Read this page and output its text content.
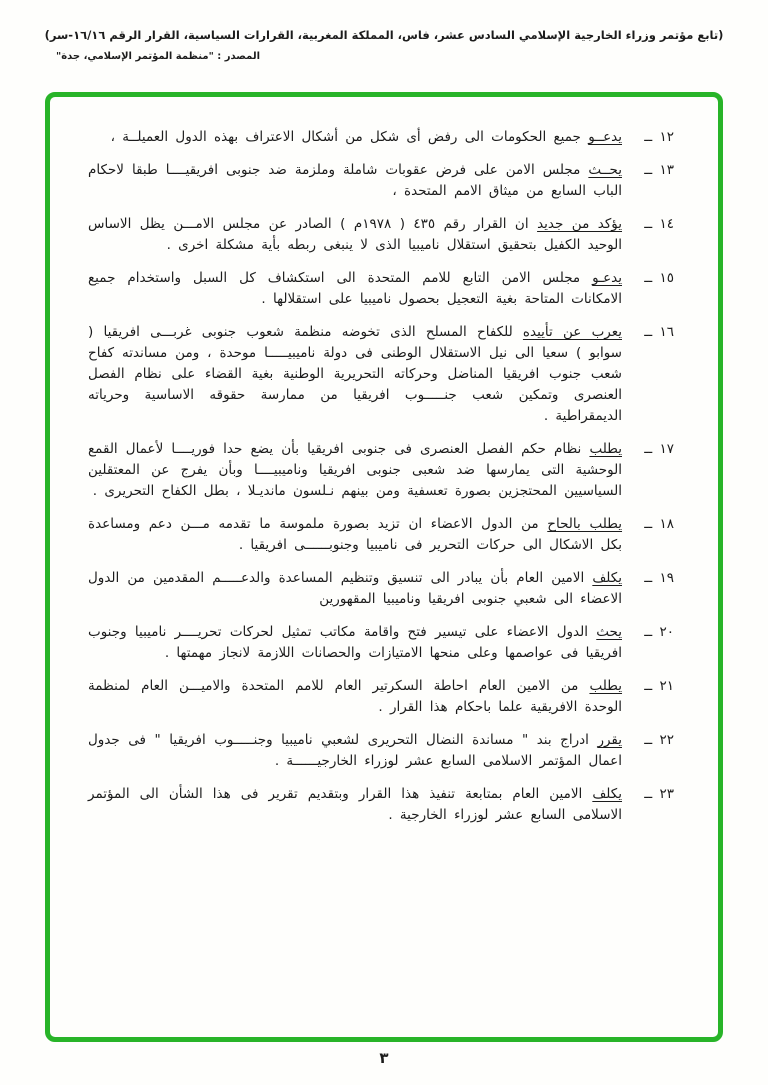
(تابع مؤتمر وزراء الخارجية الإسلامي السادس عشر، فاس، المملكة المغربية، القرارات السياسية، القرار الرقم ١٦/١٦-سر)
المصدر : "منظمة المؤتمر الإسلامي، جدة"
١٢ ــ
يدعــو جميع الحكومات الى رفض أى شكل من أشكال الاعتراف بهذه الدول العميلــة ،
١٣ ــ
يحــث مجلس الامن على فرض عقوبات شاملة وملزمة ضد جنوبى افريقيــــا طبقا لاحكام الباب السابع من ميثاق الامم المتحدة ،
١٤ ــ
يؤكد من جديد ان القرار رقم ٤٣٥ ( ١٩٧٨م ) الصادر عن مجلس الامـــن يظل الاساس الوحيد الكفيل بتحقيق استقلال ناميبيا الذى لا ينبغى ربطه بأية مشكلة اخرى .
١٥ ــ
يدعـو مجلس الامن التابع للامم المتحدة الى استكشاف كل السبل واستخدام جميع الامكانات المتاحة بغية التعجيل بحصول ناميبيا على استقلالها .
١٦ ــ
يعرب عن تأييده للكفاح المسلح الذى تخوضه منظمة شعوب جنوبى غربـــى افريقيا ( سوابو ) سعيا الى نيل الاستقلال الوطنى فى دولة ناميبيـــــا موحدة ، ومن مساندته كفاح شعب جنوب افريقيا المناضل وحركاته التحريرية الوطنية بغية القضاء على نظام الفصل العنصرى وتمكين شعب جنـــــوب افريقيا من ممارسة حقوقه الاساسية وحرياته الديمقراطية .
١٧ ــ
يطلب نظام حكم الفصل العنصرى فى جنوبى افريقيا بأن يضع حدا فوريــــا لأعمال القمع الوحشية التى يمارسها ضد شعبى جنوبى افريقيا وناميبيــــا وبأن يفرج عن المعتقلين السياسيين المحتجزين بصورة تعسفية ومن بينهم نـلسون مانديـلا ، بطل الكفاح التحريرى .
١٨ ــ
يطلب بالحاح من الدول الاعضاء ان تزيد بصورة ملموسة ما تقدمه مـــن دعم ومساعدة بكل الاشكال الى حركات التحرير فى ناميبيا وجنوبــــــى افريقيا .
١٩ ــ
يكلف الامين العام بأن يبادر الى تنسيق وتنظيم المساعدة والدعـــــم المقدمين من الدول الاعضاء الى شعبي جنوبى افريقيا وناميبيا المقهورين
٢٠ ــ
يحث الدول الاعضاء على تيسير فتح واقامة مكاتب تمثيل لحركات تحريــــر ناميبيا وجنوب افريقيا فى عواصمها وعلى منحها الامتيازات والحصانات اللازمة لانجاز مهمتها .
٢١ ــ
يطلب من الامين العام احاطة السكرتير العام للامم المتحدة والاميـــن العام لمنظمة الوحدة الافريقية علما باحكام هذا القرار .
٢٢ ــ
يقرر ادراج بند " مساندة النضال التحريرى لشعبي ناميبيا وجنـــــوب افريقيا " فى جدول اعمال المؤتمر الاسلامى السابع عشر لوزراء الخارجيــــــة .
٢٣ ــ
يكلف الامين العام بمتابعة تنفيذ هذا القرار وبتقديم تقرير فى هذا الشأن الى المؤتمر الاسلامى السابع عشر لوزراء الخارجية .
٣
